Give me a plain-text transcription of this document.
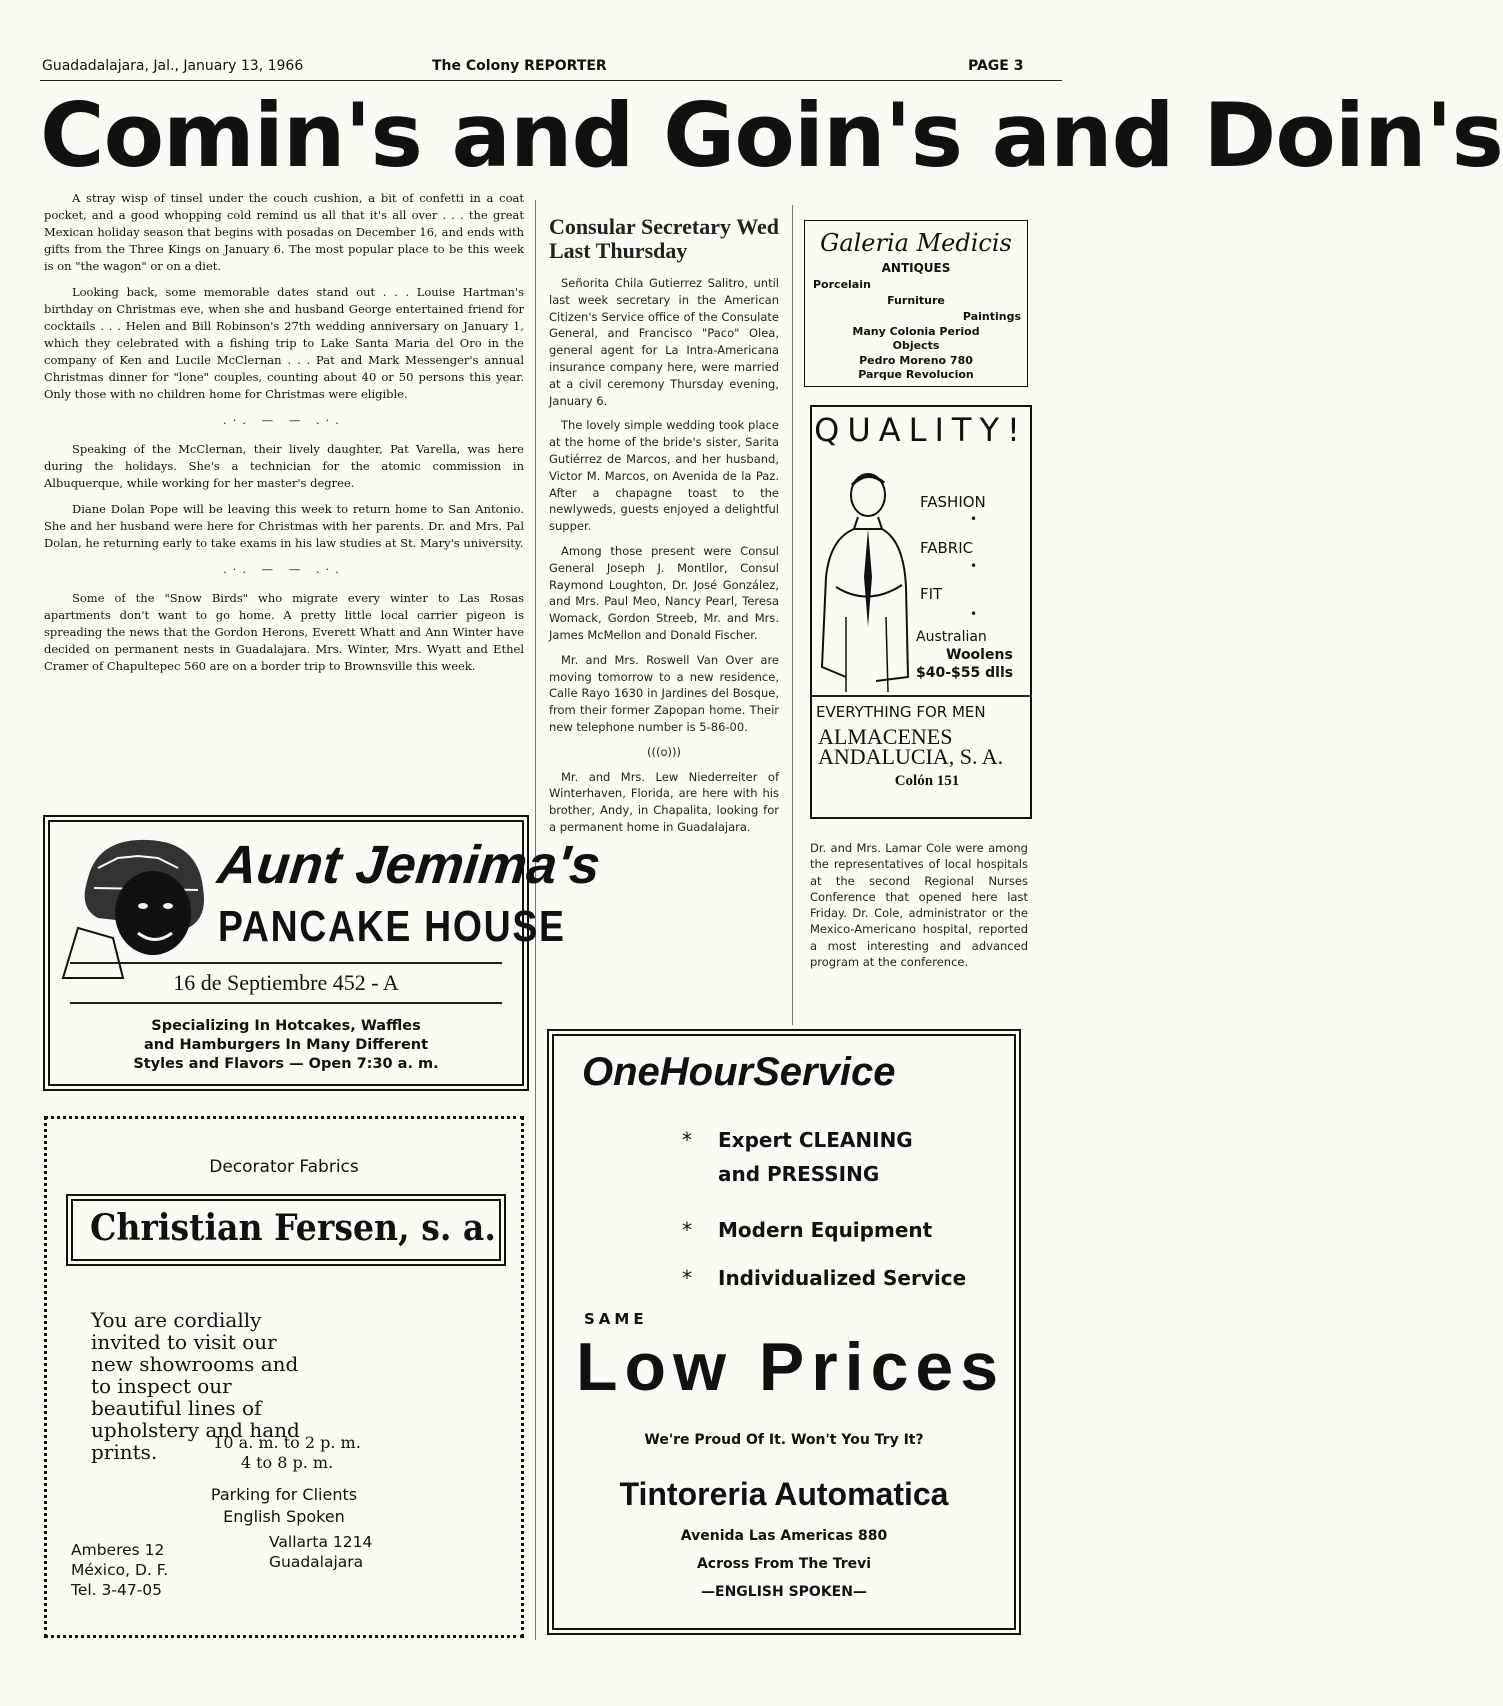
Guadadalajara, Jal., January 13, 1966	The Colony REPORTER	PAGE 3
Comin's and Goin's and Doin's

A stray wisp of tinsel under the couch cushion, a bit of confetti in a coat pocket, and a good whopping cold remind us all that it's all over . . . the great Mexican holiday season that begins with posadas on December 16, and ends with gifts from the Three Kings on January 6. The most popular place to be this week is on "the wagon" or on a diet.

Looking back, some memorable dates stand out . . . Louise Hartman's birthday on Christmas eve, when she and husband George entertained friend for cocktails . . . Helen and Bill Robinson's 27th wedding anniversary on January 1, which they celebrated with a fishing trip to Lake Santa Maria del Oro in the company of Ken and Lucile McClernan . . . Pat and Mark Messenger's annual Christmas dinner for "lone" couples, counting about 40 or 50 persons this year. Only those with no children home for Christmas were eligible.

.·. — — .·.

Speaking of the McClernan, their lively daughter, Pat Varella, was here during the holidays. She's a technician for the atomic commission in Albuquerque, while working for her master's degree.

Diane Dolan Pope will be leaving this week to return home to San Antonio. She and her husband were here for Christmas with her parents. Dr. and Mrs. Pal Dolan, he returning early to take exams in his law studies at St. Mary's university.

.·. — — .·.

Some of the "Snow Birds" who migrate every winter to Las Rosas apartments don't want to go home. A pretty little local carrier pigeon is spreading the news that the Gordon Herons, Everett Whatt and Ann Winter have decided on permanent nests in Guadalajara. Mrs. Winter, Mrs. Wyatt and Ethel Cramer of Chapultepec 560 are on a border trip to Brownsville this week.

Consular Secretary Wed Last Thursday

Señorita Chila Gutierrez Salitro, until last week secretary in the American Citizen's Service office of the Consulate General, and Francisco "Paco" Olea, general agent for La Intra-Americana insurance company here, were married at a civil ceremony Thursday evening, January 6.

The lovely simple wedding took place at the home of the bride's sister, Sarita Gutiérrez de Marcos, and her husband, Victor M. Marcos, on Avenida de la Paz. After a chapagne toast to the newlyweds, guests enjoyed a delightful supper.

Among those present were Consul General Joseph J. Montllor, Consul Raymond Loughton, Dr. José González, and Mrs. Paul Meo, Nancy Pearl, Teresa Womack, Gordon Streeb, Mr. and Mrs. James McMellon and Donald Fischer.

Mr. and Mrs. Roswell Van Over are moving tomorrow to a new residence, Calle Rayo 1630 in Jardines del Bosque, from their former Zapopan home. Their new telephone number is 5-86-00.

(((o)))

Mr. and Mrs. Lew Niederreiter of Winterhaven, Florida, are here with his brother, Andy, in Chapalita, looking for a permanent home in Guadalajara.

Galeria Medicis
ANTIQUES
Porcelain
Furniture
Paintings
Many Colonia Period
Objects
Pedro Moreno 780
Parque Revolucion
QUALITY!
FASHION
•
FABRIC
•
FIT
•
Australian
Woolens
$40-$55 dlls
EVERYTHING FOR MEN
ALMACENES
ANDALUCIA, S. A.
Colón 151
Dr. and Mrs. Lamar Cole were among the representatives of local hospitals at the second Regional Nurses Conference that opened here last Friday. Dr. Cole, administrator or the Mexico-Americano hospital, reported a most interesting and advanced program at the conference.
Aunt Jemima's
PANCAKE HOUSE
16 de Septiembre 452 - A
Specializing In Hotcakes, Waffles
and Hamburgers In Many Different
Styles and Flavors — Open 7:30 a. m.
Decorator Fabrics
Christian Fersen, s. a.
You are cordially invited to visit our new showrooms and to inspect our beautiful lines of upholstery and hand prints.	10 a. m. to 2 p. m.
4 to 8 p. m.
Parking for Clients
English Spoken
Amberes 12
México, D. F.
Tel. 3-47-05
Vallarta 1214
Guadalajara
OneHourService
* Expert CLEANING
and PRESSING
* Modern Equipment
* Individualized Service
SAME
Low Prices
We're Proud Of It. Won't You Try It?
Tintoreria Automatica
Avenida Las Americas 880
Across From The Trevi
—ENGLISH SPOKEN—
